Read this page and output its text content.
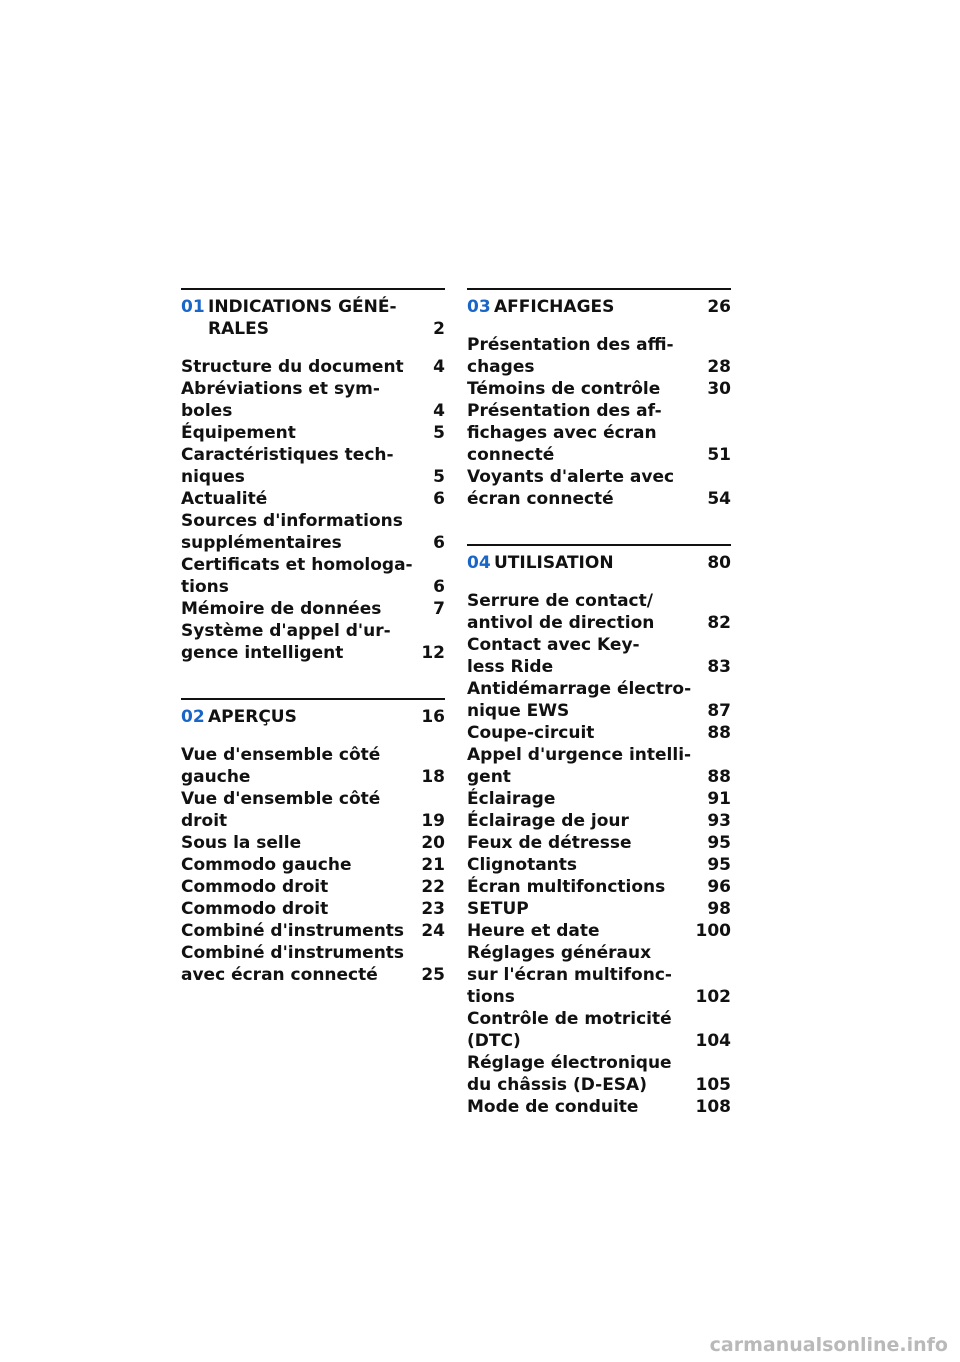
01 INDICATIONS GÉNÉ-
RALES	2
Structure du document	4
Abréviations et sym-
boles	4
Équipement	5
Caractéristiques tech-
niques	5
Actualité	6
Sources d'informations
supplémentaires	6
Certificats et homologa-
tions	6
Mémoire de données	7
Système d'appel d'ur-
gence intelligent	12
02 APERÇUS	16
Vue d'ensemble côté
gauche	18
Vue d'ensemble côté
droit	19
Sous la selle	20
Commodo gauche	21
Commodo droit	22
Commodo droit	23
Combiné d'instruments	24
Combiné d'instruments
avec écran connecté	25
03 AFFICHAGES	26
Présentation des affi-
chages	28
Témoins de contrôle	30
Présentation des af-
fichages avec écran
connecté	51
Voyants d'alerte avec
écran connecté	54
04 UTILISATION	80
Serrure de contact/
antivol de direction	82
Contact avec Key-
less Ride	83
Antidémarrage électro-
nique EWS	87
Coupe-circuit	88
Appel d'urgence intelli-
gent	88
Éclairage	91
Éclairage de jour	93
Feux de détresse	95
Clignotants	95
Écran multifonctions	96
SETUP	98
Heure et date	100
Réglages généraux
sur l'écran multifonc-
tions	102
Contrôle de motricité
(DTC)	104
Réglage électronique
du châssis (D-ESA)	105
Mode de conduite	108
carmanualsonline.info
